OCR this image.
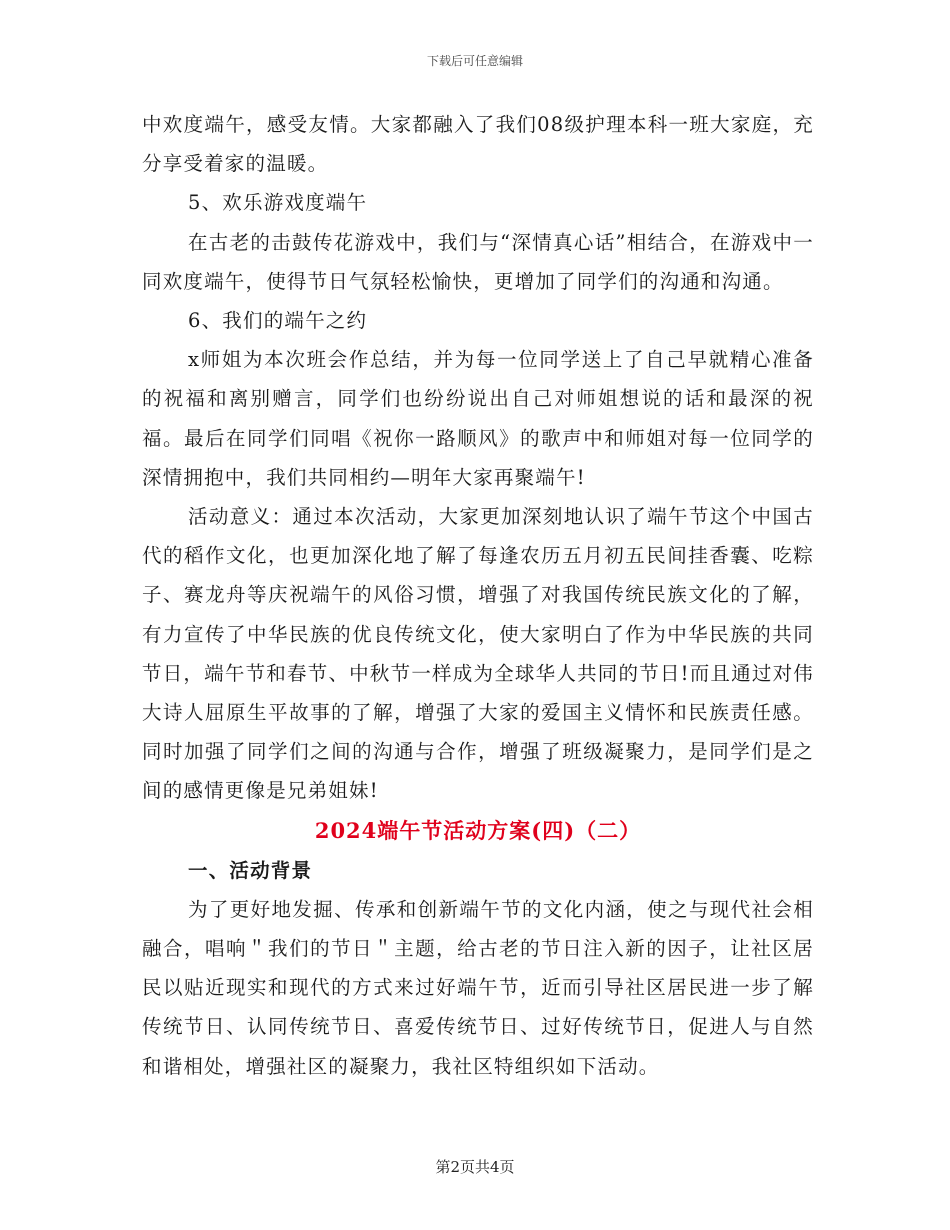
下载后可任意编辑

中欢度端午，感受友情。大家都融入了我们08级护理本科一班大家庭，充分享受着家的温暖。

5、欢乐游戏度端午

在古老的击鼓传花游戏中，我们与“深情真心话”相结合，在游戏中一同欢度端午，使得节日气氛轻松愉快，更增加了同学们的沟通和沟通。

6、我们的端午之约

x师姐为本次班会作总结，并为每一位同学送上了自己早就精心准备的祝福和离别赠言，同学们也纷纷说出自己对师姐想说的话和最深的祝福。最后在同学们同唱《祝你一路顺风》的歌声中和师姐对每一位同学的深情拥抱中，我们共同相约—明年大家再聚端午!

活动意义：通过本次活动，大家更加深刻地认识了端午节这个中国古代的稻作文化，也更加深化地了解了每逢农历五月初五民间挂香囊、吃粽子、赛龙舟等庆祝端午的风俗习惯，增强了对我国传统民族文化的了解，有力宣传了中华民族的优良传统文化，使大家明白了作为中华民族的共同节日，端午节和春节、中秋节一样成为全球华人共同的节日!而且通过对伟大诗人屈原生平故事的了解，增强了大家的爱国主义情怀和民族责任感。同时加强了同学们之间的沟通与合作，增强了班级凝聚力，是同学们是之间的感情更像是兄弟姐妹!

2024端午节活动方案(四)（二）

一、活动背景

为了更好地发掘、传承和创新端午节的文化内涵，使之与现代社会相融合，唱响＂我们的节日＂主题，给古老的节日注入新的因子，让社区居民以贴近现实和现代的方式来过好端午节，近而引导社区居民进一步了解传统节日、认同传统节日、喜爱传统节日、过好传统节日，促进人与自然和谐相处，增强社区的凝聚力，我社区特组织如下活动。

第2页共4页
